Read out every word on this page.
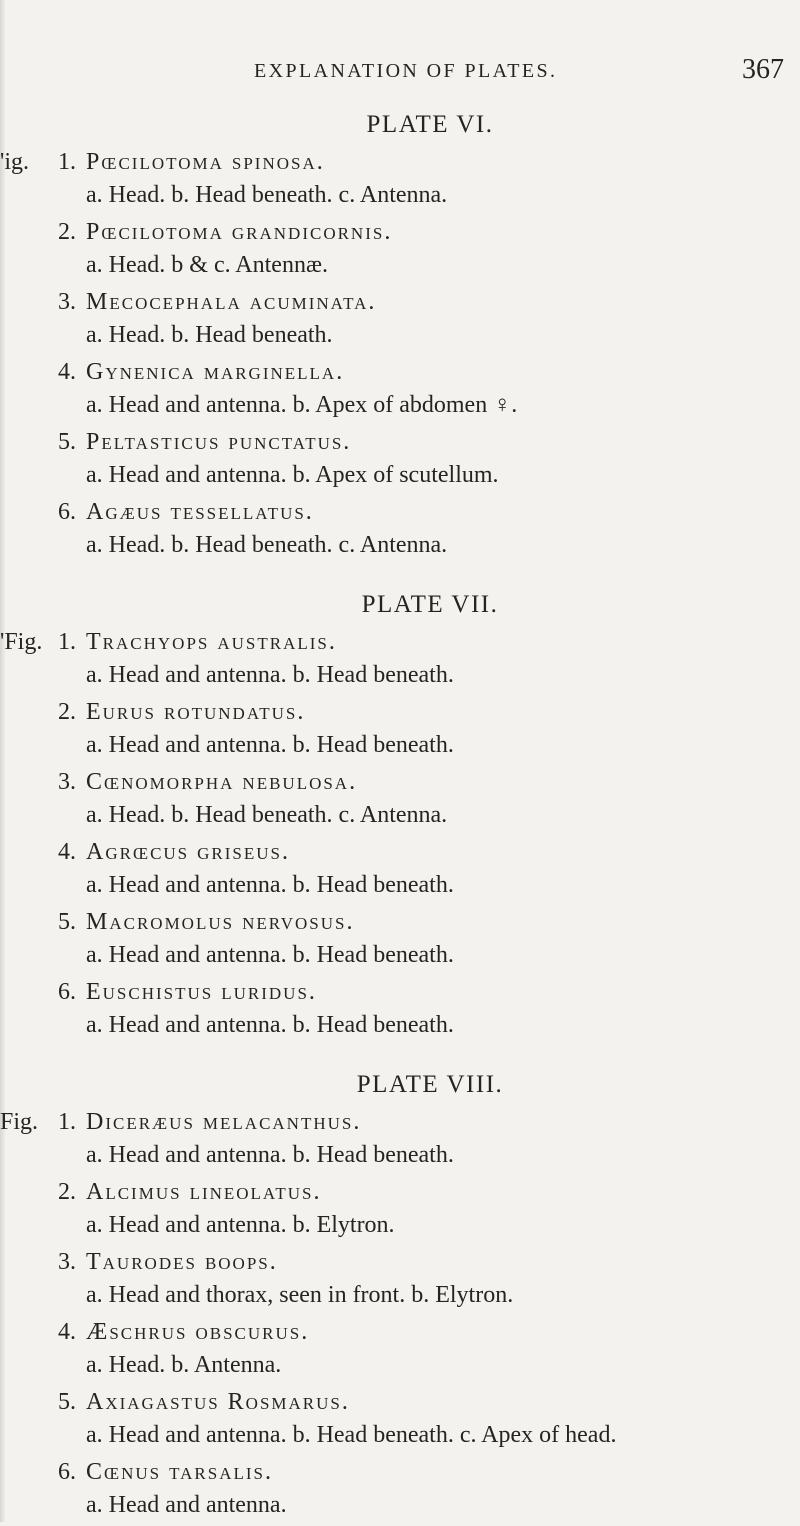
EXPLANATION OF PLATES.	367
PLATE VI.
'ig. 1. Pœcilotoma spinosa.
a. Head. b. Head beneath. c. Antenna.
2. Pœcilotoma grandicornis.
a. Head. b & c. Antennæ.
3. Mecocephala acuminata.
a. Head. b. Head beneath.
4. Gynenica marginella.
a. Head and antenna. b. Apex of abdomen ♀.
5. Peltasticus punctatus.
a. Head and antenna. b. Apex of scutellum.
6. Agæus tessellatus.
a. Head. b. Head beneath. c. Antenna.
PLATE VII.
'Fig. 1. Trachyops australis.
a. Head and antenna. b. Head beneath.
2. Eurus rotundatus.
a. Head and antenna. b. Head beneath.
3. Cœnomorpha nebulosa.
a. Head. b. Head beneath. c. Antenna.
4. Agrœcus griseus.
a. Head and antenna. b. Head beneath.
5. Macromolus nervosus.
a. Head and antenna. b. Head beneath.
6. Euschistus luridus.
a. Head and antenna. b. Head beneath.
PLATE VIII.
Fig. 1. Diceræus melacanthus.
a. Head and antenna. b. Head beneath.
2. Alcimus lineolatus.
a. Head and antenna. b. Elytron.
3. Taurodes boops.
a. Head and thorax, seen in front. b. Elytron.
4. Æschrus obscurus.
a. Head. b. Antenna.
5. Axiagastus Rosmarus.
a. Head and antenna. b. Head beneath. c. Apex of head.
6. Cœnus tarsalis.
a. Head and antenna.
